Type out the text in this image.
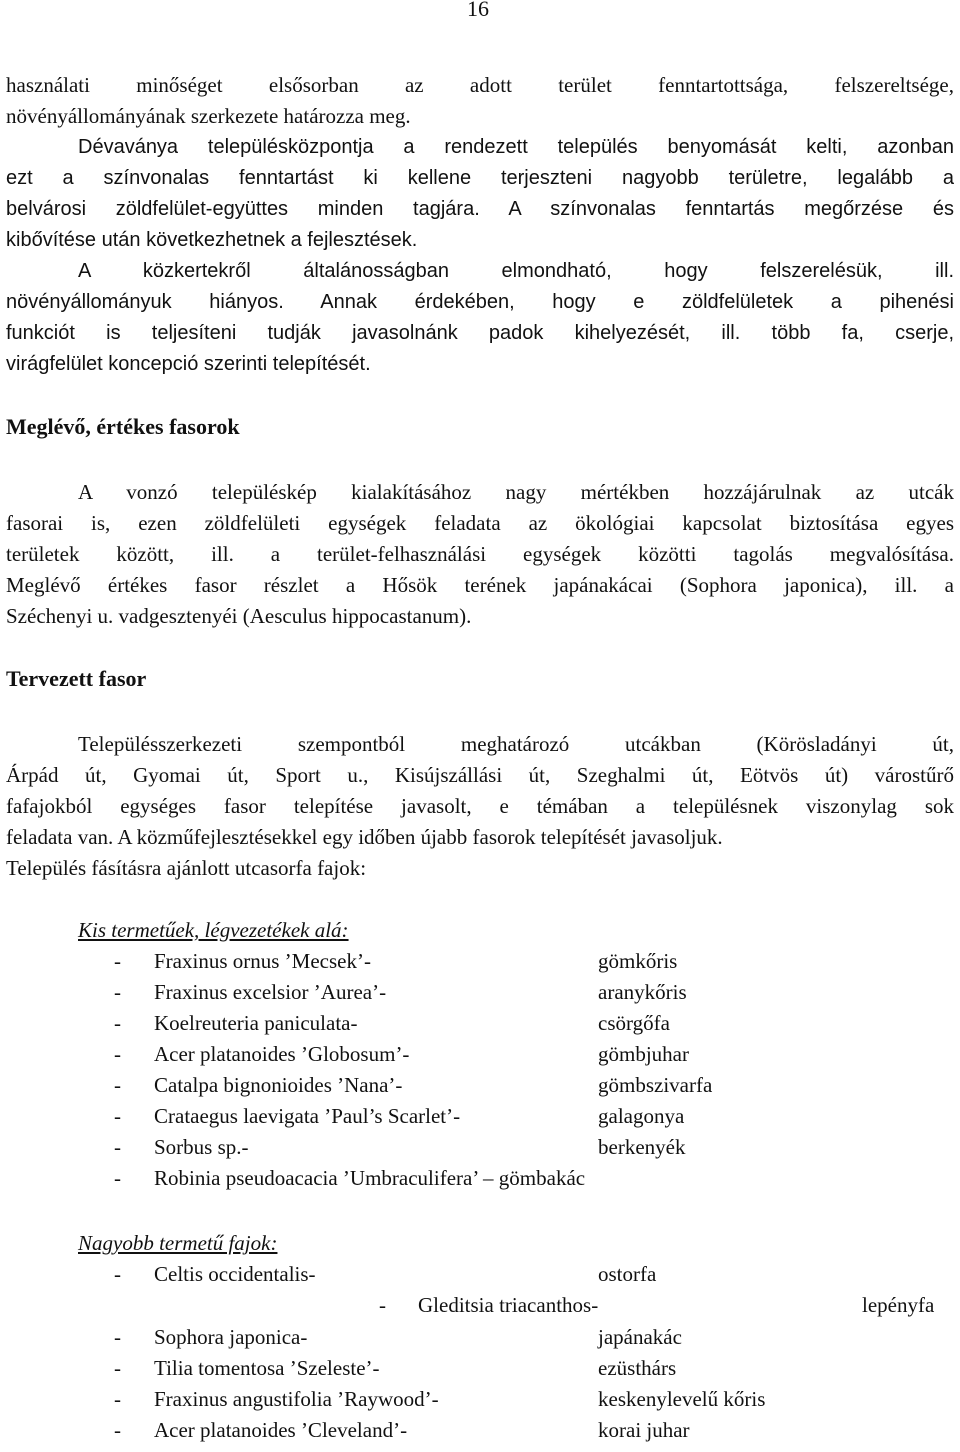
16
használati minőséget elsősorban az adott terület fenntartottsága, felszereltsége,
növényállományának szerkezete határozza meg.
Dévaványa településközpontja a rendezett település benyomását kelti, azonban
ezt a színvonalas fenntartást ki kellene terjeszteni nagyobb területre, legalább a
belvárosi zöldfelület-együttes minden tagjára. A színvonalas fenntartás megőrzése és
kibővítése után következhetnek a fejlesztések.
A közkertekről általánosságban elmondható, hogy felszerelésük, ill.
növényállományuk hiányos. Annak érdekében, hogy e zöldfelületek a pihenési
funkciót is teljesíteni tudják javasolnánk padok kihelyezését, ill. több fa, cserje,
virágfelület koncepció szerinti telepítését.
Meglévő, értékes fasorok
A vonzó településkép kialakításához nagy mértékben hozzájárulnak az utcák
fasorai is, ezen zöldfelületi egységek feladata az ökológiai kapcsolat biztosítása egyes
területek között, ill. a terület-felhasználási egységek közötti tagolás megvalósítása.
Meglévő értékes fasor részlet a Hősök terének japánakácai (Sophora japonica), ill. a
Széchenyi u. vadgesztenyéi (Aesculus hippocastanum).
Tervezett fasor
Településszerkezeti szempontból meghatározó utcákban (Körösladányi út,
Árpád út, Gyomai út, Sport u., Kisújszállási út, Szeghalmi út, Eötvös út) várostűrő
fafajokból egységes fasor telepítése javasolt, e témában a településnek viszonylag sok
feladata van. A közműfejlesztésekkel egy időben újabb fasorok telepítését javasoljuk.
Település fásításra ajánlott utcasorfa fajok:
Kis termetűek, légvezetékek alá:
- Fraxinus ornus ’Mecsek’-	gömkőris
- Fraxinus excelsior ’Aurea’-	aranykőris
- Koelreuteria paniculata-	csörgőfa
- Acer platanoides ’Globosum’-	gömbjuhar
- Catalpa bignonioides ’Nana’-	gömbszivarfa
- Crataegus laevigata ’Paul’s Scarlet’-	galagonya
- Sorbus sp.-	berkenyék
- Robinia pseudoacacia ’Umbraculifera’ – gömbakác
Nagyobb termetű fajok:
- Celtis occidentalis-	ostorfa
- Gleditsia triacanthos-	lepényfa
- Sophora japonica-	japánakác
- Tilia tomentosa ’Szeleste’-	ezüsthárs
- Fraxinus angustifolia ’Raywood’-	keskenylevelű kőris
- Acer platanoides ’Cleveland’-	korai juhar
